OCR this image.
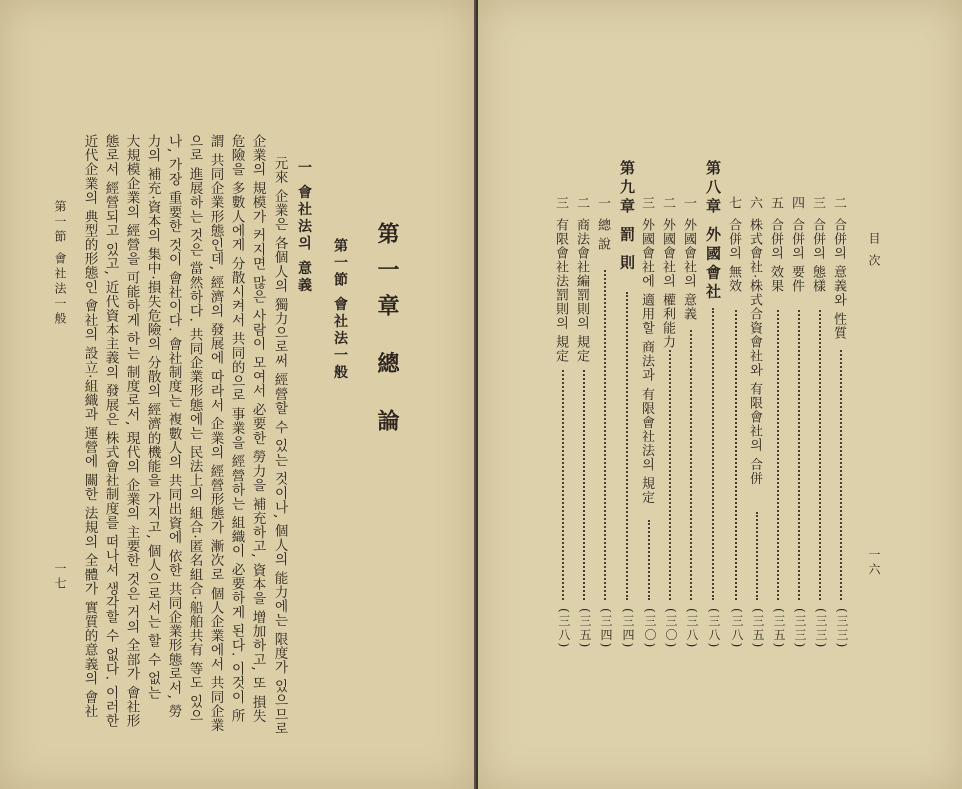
第一章 總 論
第一節 會社法一般
一 會社法의 意義
元來 企業은 各個人의 獨力으로써 經營할 수 있는 것이나, 個人의 能力에는 限度가 있으므로
企業의 規模가 커지면 많은 사람이 모여서 必要한 勞力을 補充하고, 資本을 增加하고, 또 損失
危險을 多數人에게 分散시켜서 共同的으로 事業을 經營하는 組織이 必要하게 된다. 이것이 所
謂 共同企業形態인데, 經濟의 發展에 따라서 企業의 經營形態가 漸次로 個人企業에서 共同企業
으로 進展하는 것은 當然하다. 共同企業形態에는 民法上의 組合·匿名組合·船舶共有 等도 있으
나, 가장 重要한 것이 會社이다. 會社制度는 複數人의 共同出資에 依한 共同企業形態로서, 勞
力의 補充·資本의 集中·損失危險의 分散의 經濟的機能을 가지고, 個人으로서는 할 수 없는
大規模企業의 經營을 可能하게 하는 制度로서, 現代의 企業의 主要한 것은 거의 全部가 會社形
態로서 經營되고 있고, 近代資本主義의 發展은 株式會社制度를 떠나서 생각할 수 없다. 이러한
近代企業의 典型的形態인 會社의 設立·組織과 運營에 關한 法規의 全體가 實質的意義의 會社
第一節 會社法一般
一七
目 次
一六
二
合併의 意義와 性質
(三三)
三
合併의 態樣
(三三)
四
合併의 要件
(三三)
五
合併의 效果
(三五)
六
株式會社·株式合資會社와 有限會社의 合併
(三五)
七
合併의 無效
(三八)
第八章 外國會社
(三八)
一
外國會社의 意義
(三八)
二
外國會社의 權利能力
(三〇)
三
外國會社에 適用할 商法과 有限會社法의 規定
(三〇)
第九章 罰 則
(三四)
一
總 說
(三四)
二
商法會社編罰則의 規定
(三五)
三
有限會社法罰則의 規定
(三八)
